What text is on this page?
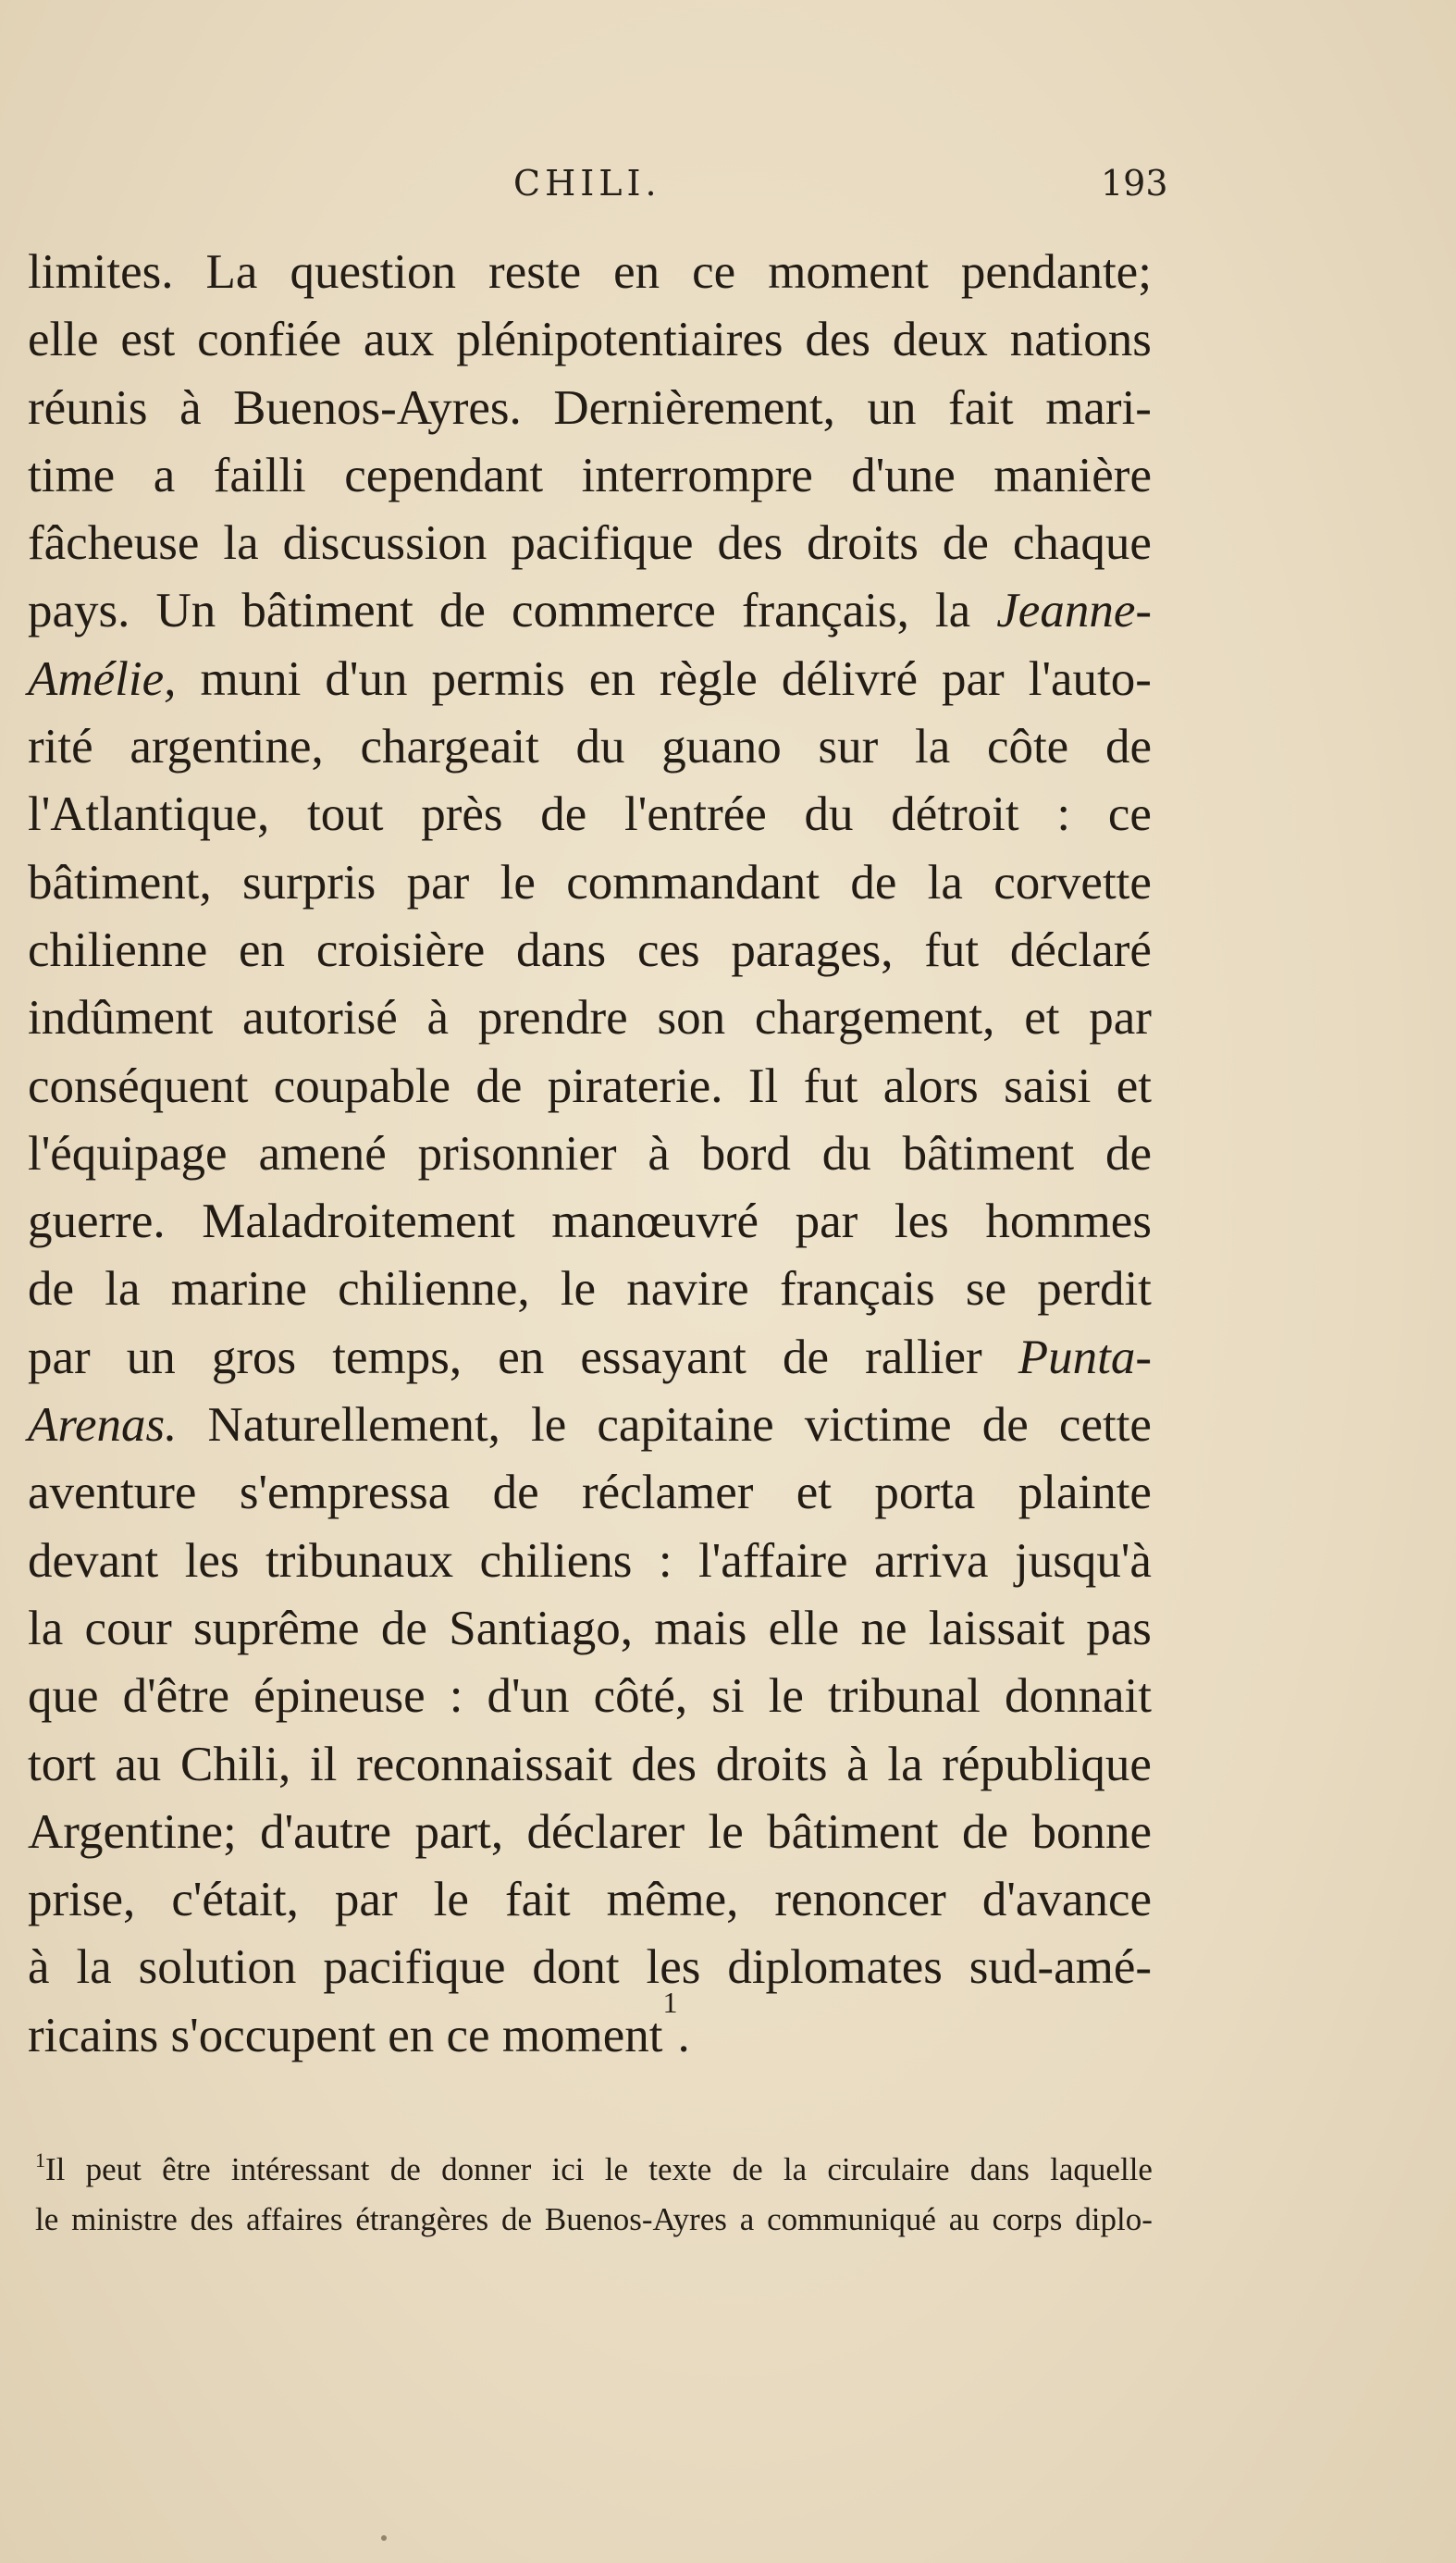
CHILI.	193
limites. La question reste en ce moment pendante;
elle est confiée aux plénipotentiaires des deux nations
réunis à Buenos-Ayres. Dernièrement, un fait mari-
time a failli cependant interrompre d'une manière
fâcheuse la discussion pacifique des droits de chaque
pays. Un bâtiment de commerce français, la Jeanne-
Amélie, muni d'un permis en règle délivré par l'auto-
rité argentine, chargeait du guano sur la côte de
l'Atlantique, tout près de l'entrée du détroit : ce
bâtiment, surpris par le commandant de la corvette
chilienne en croisière dans ces parages, fut déclaré
indûment autorisé à prendre son chargement, et par
conséquent coupable de piraterie. Il fut alors saisi et
l'équipage amené prisonnier à bord du bâtiment de
guerre. Maladroitement manœuvré par les hommes
de la marine chilienne, le navire français se perdit
par un gros temps, en essayant de rallier Punta-
Arenas. Naturellement, le capitaine victime de cette
aventure s'empressa de réclamer et porta plainte
devant les tribunaux chiliens : l'affaire arriva jusqu'à
la cour suprême de Santiago, mais elle ne laissait pas
que d'être épineuse : d'un côté, si le tribunal donnait
tort au Chili, il reconnaissait des droits à la république
Argentine; d'autre part, déclarer le bâtiment de bonne
prise, c'était, par le fait même, renoncer d'avance
à la solution pacifique dont les diplomates sud-amé-
ricains s'occupent en ce moment
1
.
$^1$Il peut être intéressant de donner ici le texte de la circulaire dans laquelle
le ministre des affaires étrangères de Buenos-Ayres a communiqué au corps diplo-
